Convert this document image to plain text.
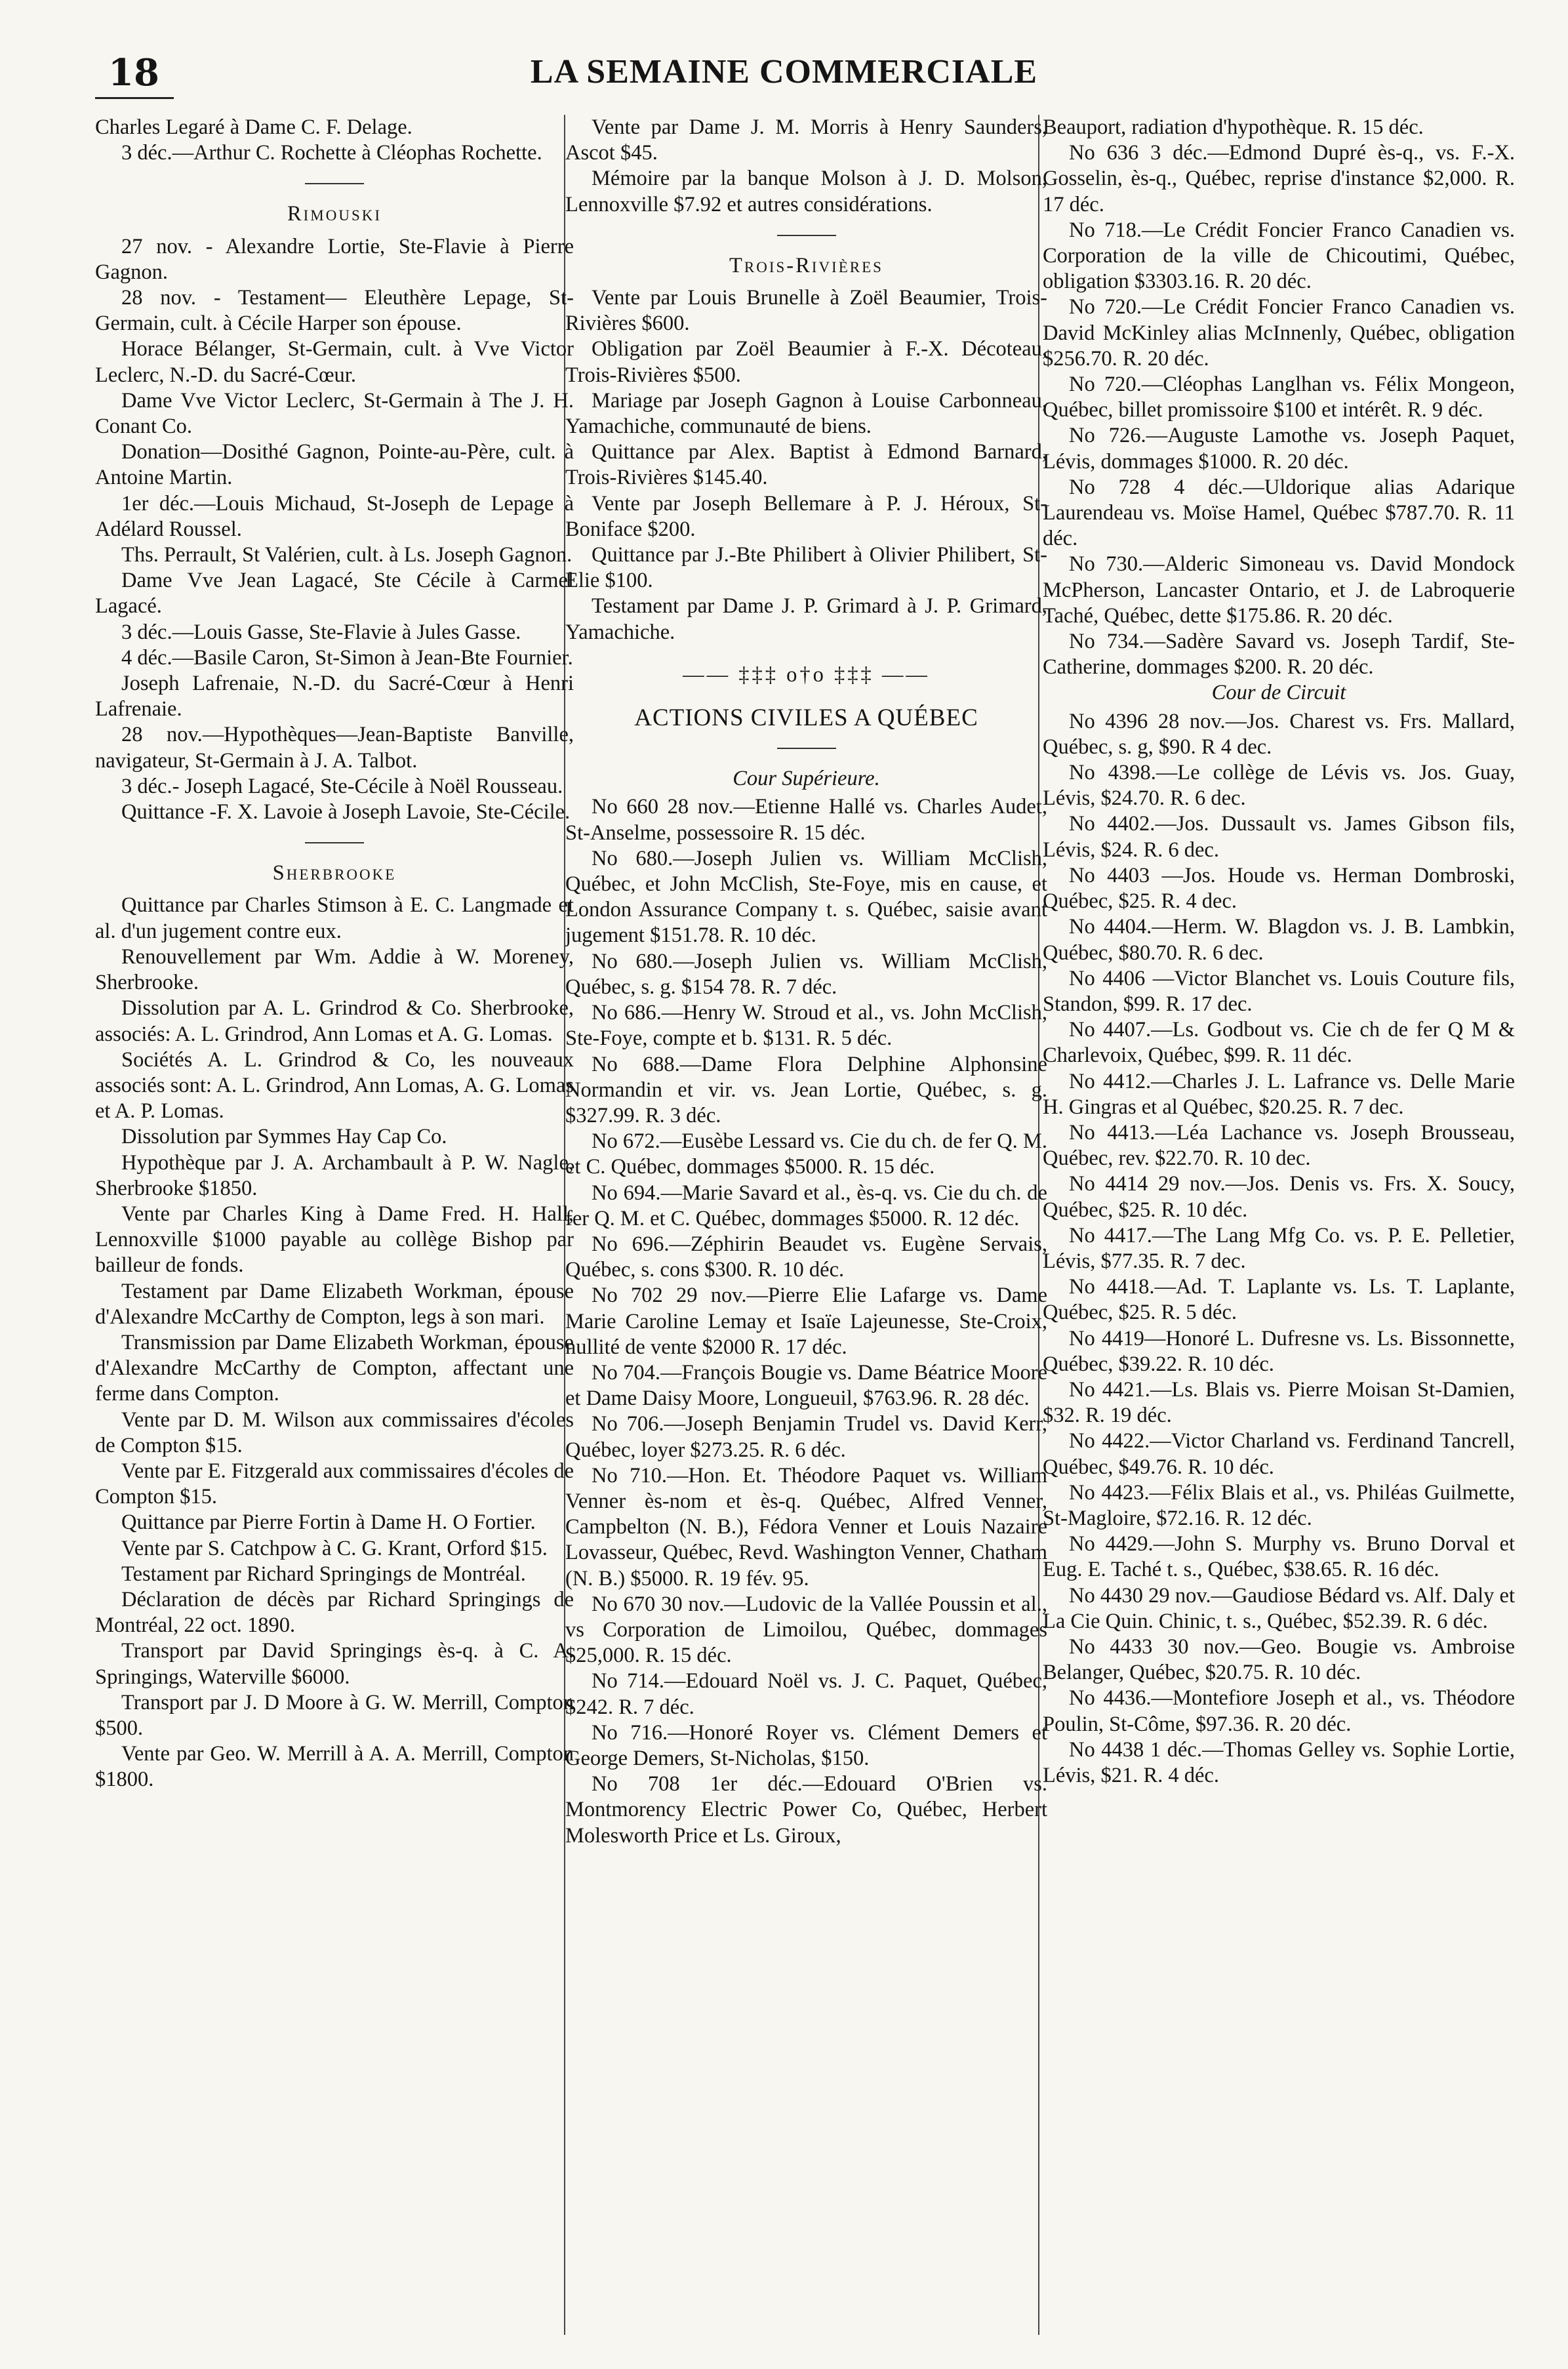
18	LA SEMAINE COMMERCIALE

Charles Legaré à Dame C. F. Delage.

3 déc.—Arthur C. Rochette à Cléophas Rochette.

Rimouski

27 nov. - Alexandre Lortie, Ste-Flavie à Pierre Gagnon.

28 nov. - Testament— Eleuthère Lepage, St-Germain, cult. à Cécile Harper son épouse.

Horace Bélanger, St-Germain, cult. à Vve Victor Leclerc, N.-D. du Sacré-Cœur.

Dame Vve Victor Leclerc, St-Germain à The J. H. Conant Co.

Donation—Dosithé Gagnon, Pointe-au-Père, cult. à Antoine Martin.

1er déc.—Louis Michaud, St-Joseph de Lepage à Adélard Roussel.

Ths. Perrault, St Valérien, cult. à Ls. Joseph Gagnon.

Dame Vve Jean Lagacé, Ste Cécile à Carmel Lagacé.

3 déc.—Louis Gasse, Ste-Flavie à Jules Gasse.

4 déc.—Basile Caron, St-Simon à Jean-Bte Fournier.

Joseph Lafrenaie, N.-D. du Sacré-Cœur à Henri Lafrenaie.

28 nov.—Hypothèques—Jean-Baptiste Banville, navigateur, St-Germain à J. A. Talbot.

3 déc.- Joseph Lagacé, Ste-Cécile à Noël Rousseau.

Quittance -F. X. Lavoie à Joseph Lavoie, Ste-Cécile.

Sherbrooke

Quittance par Charles Stimson à E. C. Langmade et al. d'un jugement contre eux.

Renouvellement par Wm. Addie à W. Moreney, Sherbrooke.

Dissolution par A. L. Grindrod & Co. Sherbrooke, associés: A. L. Grindrod, Ann Lomas et A. G. Lomas.

Sociétés A. L. Grindrod & Co, les nouveaux associés sont: A. L. Grindrod, Ann Lomas, A. G. Lomas et A. P. Lomas.

Dissolution par Symmes Hay Cap Co.

Hypothèque par J. A. Archambault à P. W. Nagle, Sherbrooke $1850.

Vente par Charles King à Dame Fred. H. Hall, Lennoxville $1000 payable au collège Bishop par bailleur de fonds.

Testament par Dame Elizabeth Workman, épouse d'Alexandre McCarthy de Compton, legs à son mari.

Transmission par Dame Elizabeth Workman, épouse d'Alexandre McCarthy de Compton, affectant une ferme dans Compton.

Vente par D. M. Wilson aux commissaires d'écoles de Compton $15.

Vente par E. Fitzgerald aux commissaires d'écoles de Compton $15.

Quittance par Pierre Fortin à Dame H. O Fortier.

Vente par S. Catchpow à C. G. Krant, Orford $15.

Testament par Richard Springings de Montréal.

Déclaration de décès par Richard Springings de Montréal, 22 oct. 1890.

Transport par David Springings ès-q. à C. A. Springings, Waterville $6000.

Transport par J. D Moore à G. W. Merrill, Compton $500.

Vente par Geo. W. Merrill à A. A. Merrill, Compton $1800.

Vente par Dame J. M. Morris à Henry Saunders, Ascot $45.

Mémoire par la banque Molson à J. D. Molson, Lennoxville $7.92 et autres considérations.

Trois-Rivières

Vente par Louis Brunelle à Zoël Beaumier, Trois-Rivières $600.

Obligation par Zoël Beaumier à F.-X. Décoteau, Trois-Rivières $500.

Mariage par Joseph Gagnon à Louise Carbonneau, Yamachiche, communauté de biens.

Quittance par Alex. Baptist à Edmond Barnard, Trois-Rivières $145.40.

Vente par Joseph Bellemare à P. J. Héroux, St-Boniface $200.

Quittance par J.-Bte Philibert à Olivier Philibert, St-Elie $100.

Testament par Dame J. P. Grimard à J. P. Grimard, Yamachiche.

—— ‡‡‡ o†o ‡‡‡ ——

ACTIONS CIVILES A QUÉBEC

Cour Supérieure.

No 660 28 nov.—Etienne Hallé vs. Charles Audet, St-Anselme, possessoire R. 15 déc.

No 680.—Joseph Julien vs. William McClish, Québec, et John McClish, Ste-Foye, mis en cause, et London Assurance Company t. s. Québec, saisie avant jugement $151.78. R. 10 déc.

No 680.—Joseph Julien vs. William McClish, Québec, s. g. $154 78. R. 7 déc.

No 686.—Henry W. Stroud et al., vs. John McClish, Ste-Foye, compte et b. $131. R. 5 déc.

No 688.—Dame Flora Delphine Alphonsine Normandin et vir. vs. Jean Lortie, Québec, s. g. $327.99. R. 3 déc.

No 672.—Eusèbe Lessard vs. Cie du ch. de fer Q. M. et C. Québec, dommages $5000. R. 15 déc.

No 694.—Marie Savard et al., ès-q. vs. Cie du ch. de fer Q. M. et C. Québec, dommages $5000. R. 12 déc.

No 696.—Zéphirin Beaudet vs. Eugène Servais, Québec, s. cons $300. R. 10 déc.

No 702 29 nov.—Pierre Elie Lafarge vs. Dame Marie Caroline Lemay et Isaïe Lajeunesse, Ste-Croix, nullité de vente $2000 R. 17 déc.

No 704.—François Bougie vs. Dame Béatrice Moore et Dame Daisy Moore, Longueuil, $763.96. R. 28 déc.

No 706.—Joseph Benjamin Trudel vs. David Kerr, Québec, loyer $273.25. R. 6 déc.

No 710.—Hon. Et. Théodore Paquet vs. William Venner ès-nom et ès-q. Québec, Alfred Venner, Campbelton (N. B.), Fédora Venner et Louis Nazaire Lovasseur, Québec, Revd. Washington Venner, Chatham (N. B.) $5000. R. 19 fév. 95.

No 670 30 nov.—Ludovic de la Vallée Poussin et al., vs Corporation de Limoilou, Québec, dommages $25,000. R. 15 déc.

No 714.—Edouard Noël vs. J. C. Paquet, Québec, $242. R. 7 déc.

No 716.—Honoré Royer vs. Clément Demers et George Demers, St-Nicholas, $150.

No 708 1er déc.—Edouard O'Brien vs. Montmorency Electric Power Co, Québec, Herbert Molesworth Price et Ls. Giroux,

Beauport, radiation d'hypothèque. R. 15 déc.

No 636 3 déc.—Edmond Dupré ès-q., vs. F.-X. Gosselin, ès-q., Québec, reprise d'instance $2,000. R. 17 déc.

No 718.—Le Crédit Foncier Franco Canadien vs. Corporation de la ville de Chicoutimi, Québec, obligation $3303.16. R. 20 déc.

No 720.—Le Crédit Foncier Franco Canadien vs. David McKinley alias McInnenly, Québec, obligation $256.70. R. 20 déc.

No 720.—Cléophas Langlhan vs. Félix Mongeon, Québec, billet promissoire $100 et intérêt. R. 9 déc.

No 726.—Auguste Lamothe vs. Joseph Paquet, Lévis, dommages $1000. R. 20 déc.

No 728 4 déc.—Uldorique alias Adarique Laurendeau vs. Moïse Hamel, Québec $787.70. R. 11 déc.

No 730.—Alderic Simoneau vs. David Mondock McPherson, Lancaster Ontario, et J. de Labroquerie Taché, Québec, dette $175.86. R. 20 déc.

No 734.—Sadère Savard vs. Joseph Tardif, Ste-Catherine, dommages $200. R. 20 déc.

Cour de Circuit

No 4396 28 nov.—Jos. Charest vs. Frs. Mallard, Québec, s. g, $90. R 4 dec.

No 4398.—Le collège de Lévis vs. Jos. Guay, Lévis, $24.70. R. 6 dec.

No 4402.—Jos. Dussault vs. James Gibson fils, Lévis, $24. R. 6 dec.

No 4403 —Jos. Houde vs. Herman Dombroski, Québec, $25. R. 4 dec.

No 4404.—Herm. W. Blagdon vs. J. B. Lambkin, Québec, $80.70. R. 6 dec.

No 4406 —Victor Blanchet vs. Louis Couture fils, Standon, $99. R. 17 dec.

No 4407.—Ls. Godbout vs. Cie ch de fer Q M & Charlevoix, Québec, $99. R. 11 déc.

No 4412.—Charles J. L. Lafrance vs. Delle Marie H. Gingras et al Québec, $20.25. R. 7 dec.

No 4413.—Léa Lachance vs. Joseph Brousseau, Québec, rev. $22.70. R. 10 dec.

No 4414 29 nov.—Jos. Denis vs. Frs. X. Soucy, Québec, $25. R. 10 déc.

No 4417.—The Lang Mfg Co. vs. P. E. Pelletier, Lévis, $77.35. R. 7 dec.

No 4418.—Ad. T. Laplante vs. Ls. T. Laplante, Québec, $25. R. 5 déc.

No 4419—Honoré L. Dufresne vs. Ls. Bissonnette, Québec, $39.22. R. 10 déc.

No 4421.—Ls. Blais vs. Pierre Moisan St-Damien, $32. R. 19 déc.

No 4422.—Victor Charland vs. Ferdinand Tancrell, Québec, $49.76. R. 10 déc.

No 4423.—Félix Blais et al., vs. Philéas Guilmette, St-Magloire, $72.16. R. 12 déc.

No 4429.—John S. Murphy vs. Bruno Dorval et Eug. E. Taché t. s., Québec, $38.65. R. 16 déc.

No 4430 29 nov.—Gaudiose Bédard vs. Alf. Daly et La Cie Quin. Chinic, t. s., Québec, $52.39. R. 6 déc.

No 4433 30 nov.—Geo. Bougie vs. Ambroise Belanger, Québec, $20.75. R. 10 déc.

No 4436.—Montefiore Joseph et al., vs. Théodore Poulin, St-Côme, $97.36. R. 20 déc.

No 4438 1 déc.—Thomas Gelley vs. Sophie Lortie, Lévis, $21. R. 4 déc.
